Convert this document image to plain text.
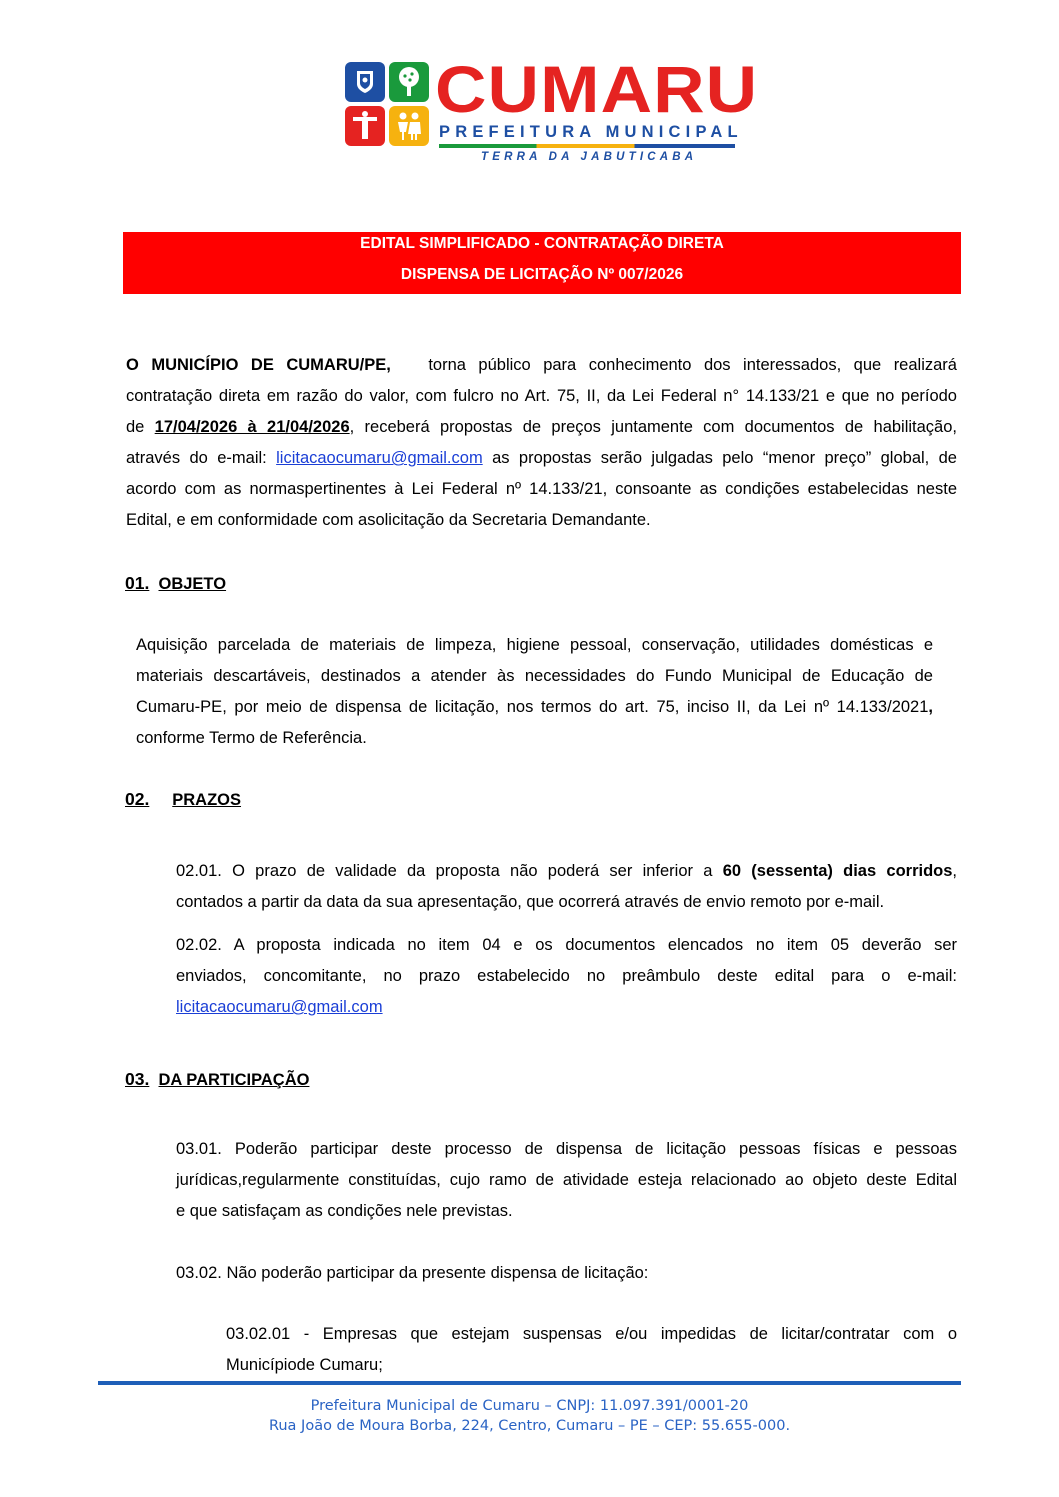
CUMARU
PREFEITURA MUNICIPAL
TERRA DA JABUTICABA
EDITAL SIMPLIFICADO - CONTRATAÇÃO DIRETA
DISPENSA DE LICITAÇÃO Nº 007/2026
O MUNICÍPIO DE CUMARU/PE, torna público para conhecimento dos interessados, que realizará
contratação direta em razão do valor, com fulcro no Art. 75, II, da Lei Federal n° 14.133/21 e que no período
de 17/04/2026 à 21/04/2026, receberá propostas de preços juntamente com documentos de habilitação,
através do e-mail: licitacaocumaru@gmail.com as propostas serão julgadas pelo “menor preço” global, de
acordo com as normaspertinentes à Lei Federal nº 14.133/21, consoante as condições estabelecidas neste
Edital, e em conformidade com asolicitação da Secretaria Demandante.
01. OBJETO
Aquisição parcelada de materiais de limpeza, higiene pessoal, conservação, utilidades domésticas e
materiais descartáveis, destinados a atender às necessidades do Fundo Municipal de Educação de
Cumaru-PE, por meio de dispensa de licitação, nos termos do art. 75, inciso II, da Lei nº 14.133/2021,
conforme Termo de Referência.
02. PRAZOS
02.01. O prazo de validade da proposta não poderá ser inferior a 60 (sessenta) dias corridos,
contados a partir da data da sua apresentação, que ocorrerá através de envio remoto por e-mail.
02.02. A proposta indicada no item 04 e os documentos elencados no item 05 deverão ser
enviados, concomitante, no prazo estabelecido no preâmbulo deste edital para o e-mail:
licitacaocumaru@gmail.com
03. DA PARTICIPAÇÃO
03.01. Poderão participar deste processo de dispensa de licitação pessoas físicas e pessoas
jurídicas,regularmente constituídas, cujo ramo de atividade esteja relacionado ao objeto deste Edital
e que satisfaçam as condições nele previstas.
03.02. Não poderão participar da presente dispensa de licitação:
03.02.01 - Empresas que estejam suspensas e/ou impedidas de licitar/contratar com o
Municípiode Cumaru;
Prefeitura Municipal de Cumaru – CNPJ: 11.097.391/0001-20
Rua João de Moura Borba, 224, Centro, Cumaru – PE – CEP: 55.655-000.
